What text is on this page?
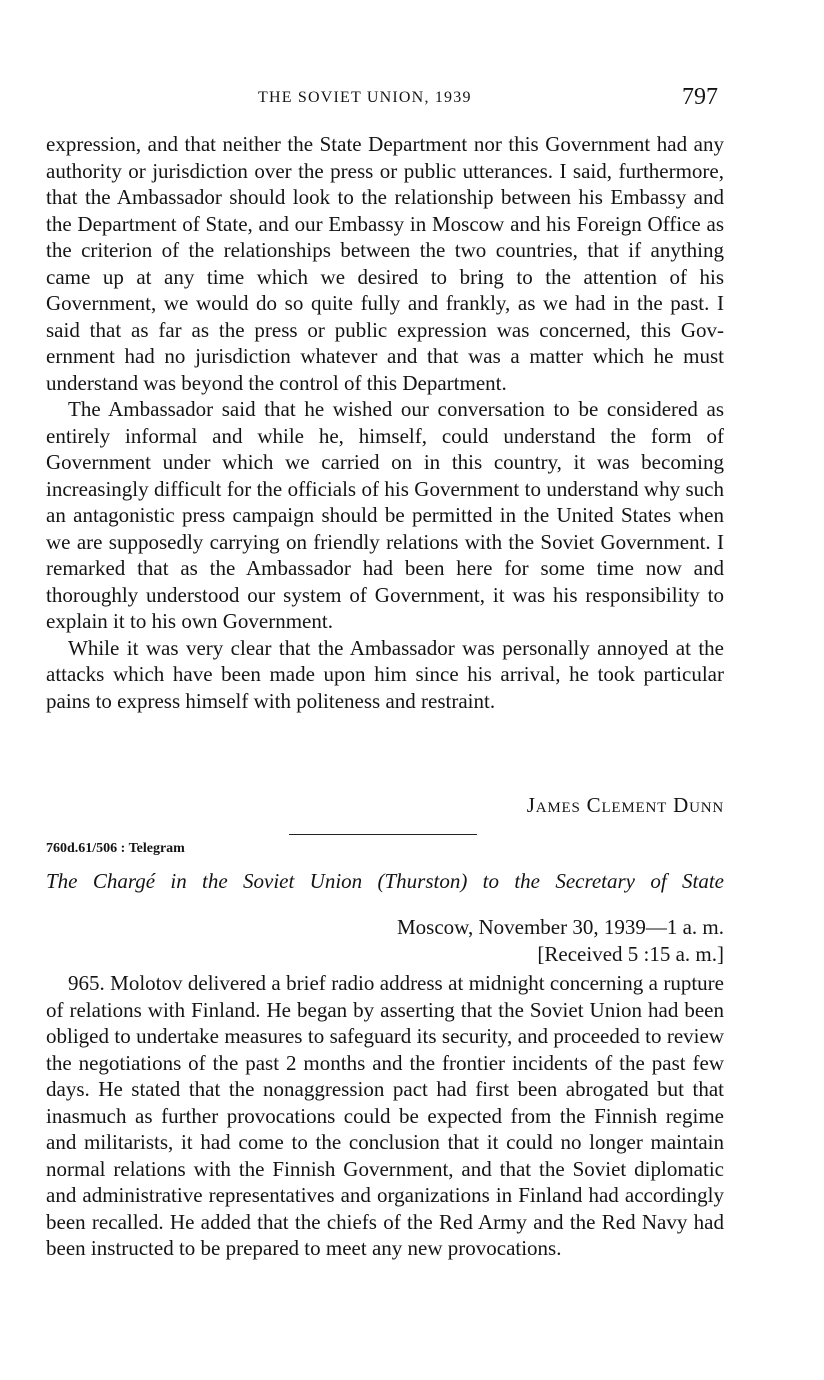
THE SOVIET UNION, 1939	797

expression, and that neither the State Department nor this Government had any authority or jurisdiction over the press or public utterances. I said, furthermore, that the Ambassador should look to the relationship between his Embassy and the Department of State, and our Embassy in Moscow and his Foreign Office as the criterion of the relationships between the two countries, that if anything came up at any time which we desired to bring to the attention of his Government, we would do so quite fully and frankly, as we had in the past. I said that as far as the press or public expression was concerned, this Government had no jurisdiction whatever and that was a matter which he must understand was beyond the control of this Department.

The Ambassador said that he wished our conversation to be considered as entirely informal and while he, himself, could understand the form of Government under which we carried on in this country, it was becoming increasingly difficult for the officials of his Government to understand why such an antagonistic press campaign should be permitted in the United States when we are supposedly carrying on friendly relations with the Soviet Government. I remarked that as the Ambassador had been here for some time now and thoroughly understood our system of Government, it was his responsibility to explain it to his own Government.

While it was very clear that the Ambassador was personally annoyed at the attacks which have been made upon him since his arrival, he took particular pains to express himself with politeness and restraint.

James Clement Dunn
760d.61/506 : Telegram
The Chargé in the Soviet Union (Thurston) to the Secretary of State
Moscow, November 30, 1939—1 a. m.
[Received 5 :15 a. m.]

965. Molotov delivered a brief radio address at midnight concerning a rupture of relations with Finland. He began by asserting that the Soviet Union had been obliged to undertake measures to safeguard its security, and proceeded to review the negotiations of the past 2 months and the frontier incidents of the past few days. He stated that the nonaggression pact had first been abrogated but that inasmuch as further provocations could be expected from the Finnish regime and militarists, it had come to the conclusion that it could no longer maintain normal relations with the Finnish Government, and that the Soviet diplomatic and administrative representatives and organizations in Finland had accordingly been recalled. He added that the chiefs of the Red Army and the Red Navy had been instructed to be prepared to meet any new provocations.
